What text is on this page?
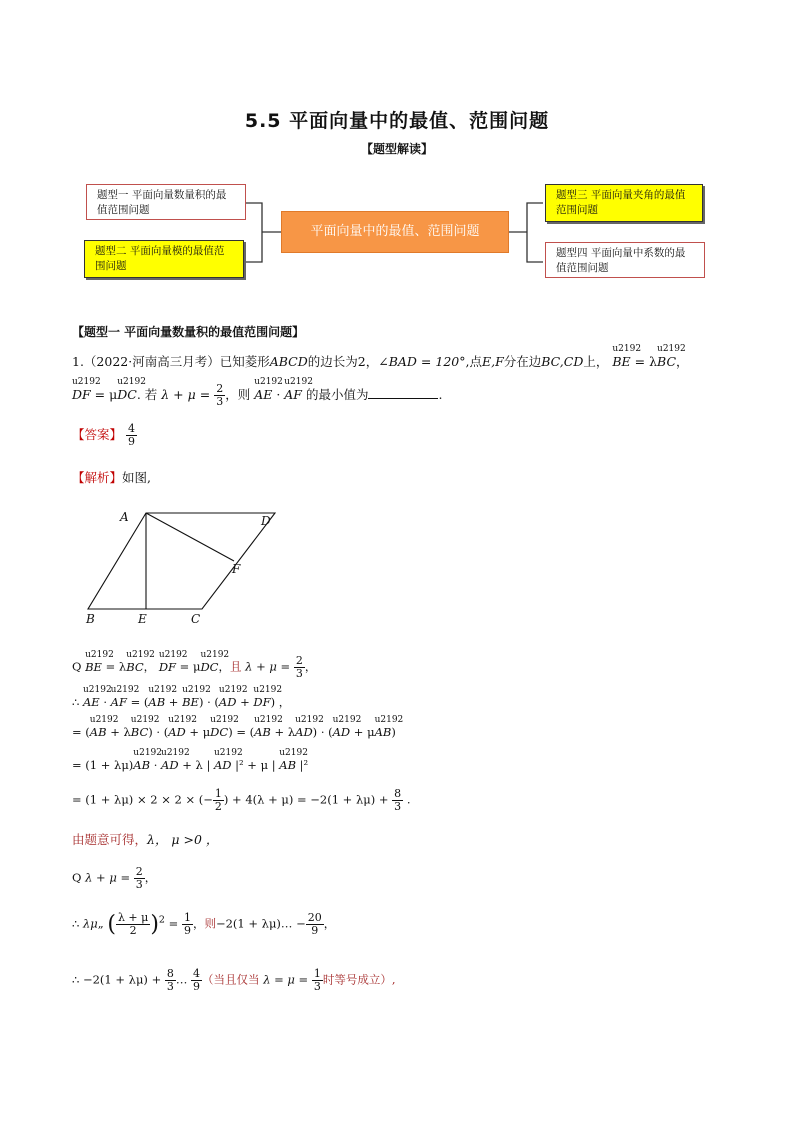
5.5 平面向量中的最值、范围问题
【题型解读】
题型一 平面向量数量积的最值范围问题
题型二 平面向量模的最值范围问题
平面向量中的最值、范围问题
题型三 平面向量夹角的最值范围问题
题型四 平面向量中系数的最值范围问题
【题型一 平面向量数量积的最值范围问题】
1.（2022·河南高三月考）已知菱形ABCD的边长为2，∠BAD = 120°,点E,F分在边BC,CD上， u2192 BE = λu2192 BC，
u2192 DF = μu2192 DC. 若 $\lambda + \mu = \frac{2}{3}$ ，则 u2192 AE · u2192 AF 的最小值为	.
【答案】 $\frac{4}{9}$
【解析】如图,
A	D
F
B	E	C
Q u2192 BE = λu2192 BC， u2192 DF = μu2192 DC，且 $\lambda + \mu = \frac{2}{3}$ ，
∴ u2192 AE · u2192 AF = (u2192 AB + u2192 BE) · (u2192 AD + u2192 DF) ，
= (u2192 AB + λu2192 BC) · (u2192 AD + μu2192 DC) = (u2192 AB + λu2192 AD) · (u2192 AD + μu2192 AB)
= (1 + λμ)u2192 AB · u2192 AD + λ | u2192 AD |² + μ | u2192 AB |²
= (1 + λμ) × 2 × 2 × (− $\frac{1}{2}$ ) + $4(\lambda + \mu) = -2(1 + \lambda\mu) + \frac{8}{3}$ .
由题意可得，λ， μ >0 ，
Q $\lambda + \mu = \frac{2}{3}$ ，
∴ λμ„ ( $\frac{\lambda + \mu}{2} )^2 = \frac{1}{9}$ ，则−2(1 + λμ)… − $\frac{20}{9}$ ，
∴ $-2(1 + \lambda\mu) + \frac{8}{3}$ … $\frac{4}{9}$ （当且仅当 $\lambda = \mu = \frac{1}{3}$ 时等号成立）,
